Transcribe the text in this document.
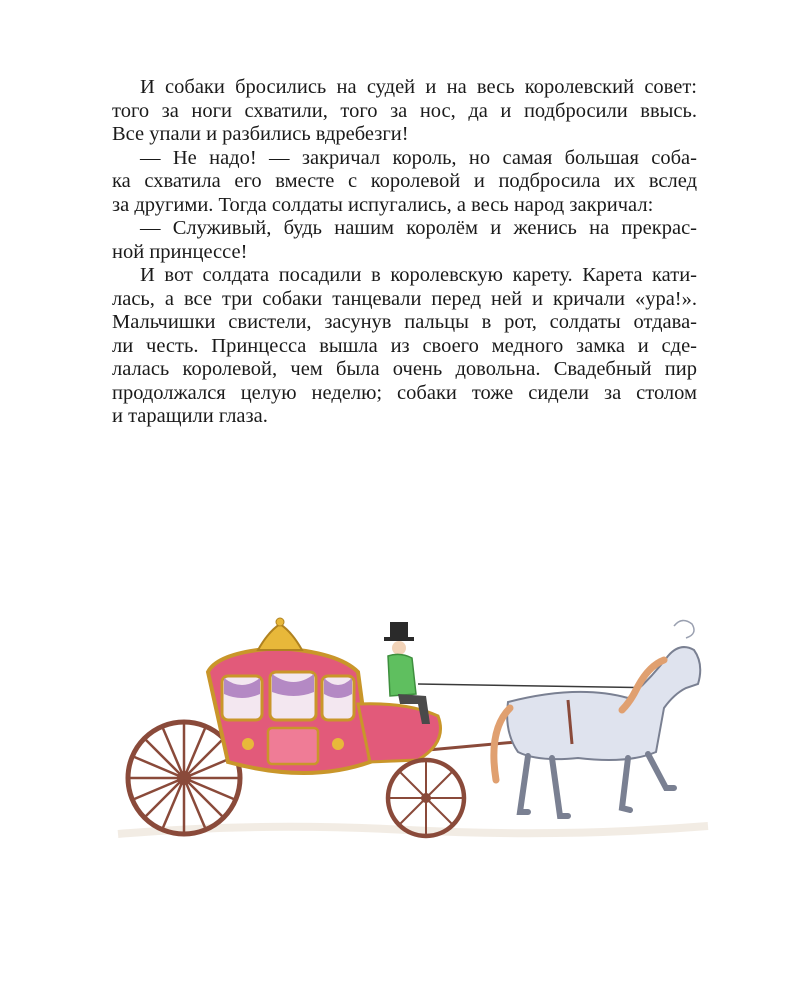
И собаки бросились на судей и на весь королевский совет:
того за ноги схватили, того за нос, да и подбросили ввысь.
Все упали и разбились вдребезги!

— Не надо! — закричал король, но самая большая соба-
ка схватила его вместе с королевой и подбросила их вслед
за другими. Тогда солдаты испугались, а весь народ закричал:

— Служивый, будь нашим королём и женись на прекрас-
ной принцессе!

И вот солдата посадили в королевскую карету. Карета кати-
лась, а все три собаки танцевали перед ней и кричали «ура!».
Мальчишки свистели, засунув пальцы в рот, солдаты отдава-
ли честь. Принцесса вышла из своего медного замка и сде-
лалась королевой, чем была очень довольна. Свадебный пир
продолжался целую неделю; собаки тоже сидели за столом
и таращили глаза.
